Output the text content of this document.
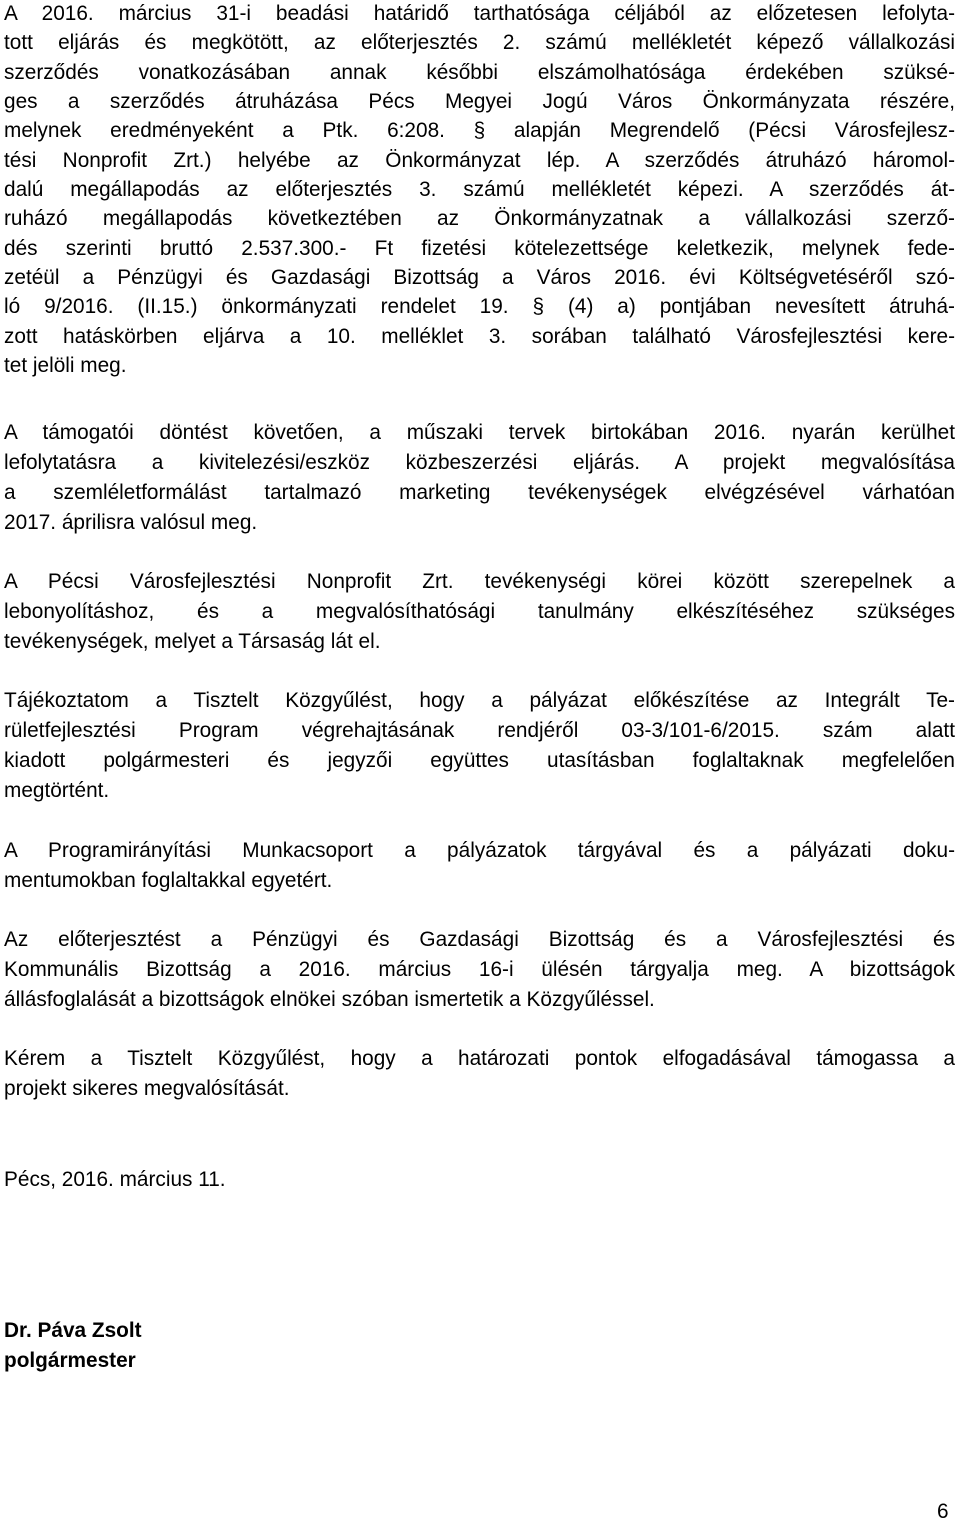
A 2016. március 31-i beadási határidő tarthatósága céljából az előzetesen lefolyta-
tott eljárás és megkötött, az előterjesztés 2. számú mellékletét képező vállalkozási
szerződés vonatkozásában annak későbbi elszámolhatósága érdekében szüksé-
ges a szerződés átruházása Pécs Megyei Jogú Város Önkormányzata részére,
melynek eredményeként a Ptk. 6:208. § alapján Megrendelő (Pécsi Városfejlesz-
tési Nonprofit Zrt.) helyébe az Önkormányzat lép. A szerződés átruházó háromol-
dalú megállapodás az előterjesztés 3. számú mellékletét képezi. A szerződés át-
ruházó megállapodás következtében az Önkormányzatnak a vállalkozási szerző-
dés szerinti bruttó 2.537.300.- Ft fizetési kötelezettsége keletkezik, melynek fede-
zetéül a Pénzügyi és Gazdasági Bizottság a Város 2016. évi Költségvetéséről szó-
ló 9/2016. (II.15.) önkormányzati rendelet 19. § (4) a) pontjában nevesített átruhá-
zott hatáskörben eljárva a 10. melléklet 3. sorában található Városfejlesztési kere-
tet jelöli meg.
A támogatói döntést követően, a műszaki tervek birtokában 2016. nyarán kerülhet
lefolytatásra a kivitelezési/eszköz közbeszerzési eljárás. A projekt megvalósítása
a szemléletformálást tartalmazó marketing tevékenységek elvégzésével várhatóan
2017. áprilisra valósul meg.
A Pécsi Városfejlesztési Nonprofit Zrt. tevékenységi körei között szerepelnek a
lebonyolításhoz, és a megvalósíthatósági tanulmány elkészítéséhez szükséges
tevékenységek, melyet a Társaság lát el.
Tájékoztatom a Tisztelt Közgyűlést, hogy a pályázat előkészítése az Integrált Te-
rületfejlesztési Program végrehajtásának rendjéről 03-3/101-6/2015. szám alatt
kiadott polgármesteri és jegyzői együttes utasításban foglaltaknak megfelelően
megtörtént.
A Programirányítási Munkacsoport a pályázatok tárgyával és a pályázati doku-
mentumokban foglaltakkal egyetért.
Az előterjesztést a Pénzügyi és Gazdasági Bizottság és a Városfejlesztési és
Kommunális Bizottság a 2016. március 16-i ülésén tárgyalja meg. A bizottságok
állásfoglalását a bizottságok elnökei szóban ismertetik a Közgyűléssel.
Kérem a Tisztelt Közgyűlést, hogy a határozati pontok elfogadásával támogassa a
projekt sikeres megvalósítását.
Pécs, 2016. március 11.
Dr. Páva Zsolt
polgármester
6
